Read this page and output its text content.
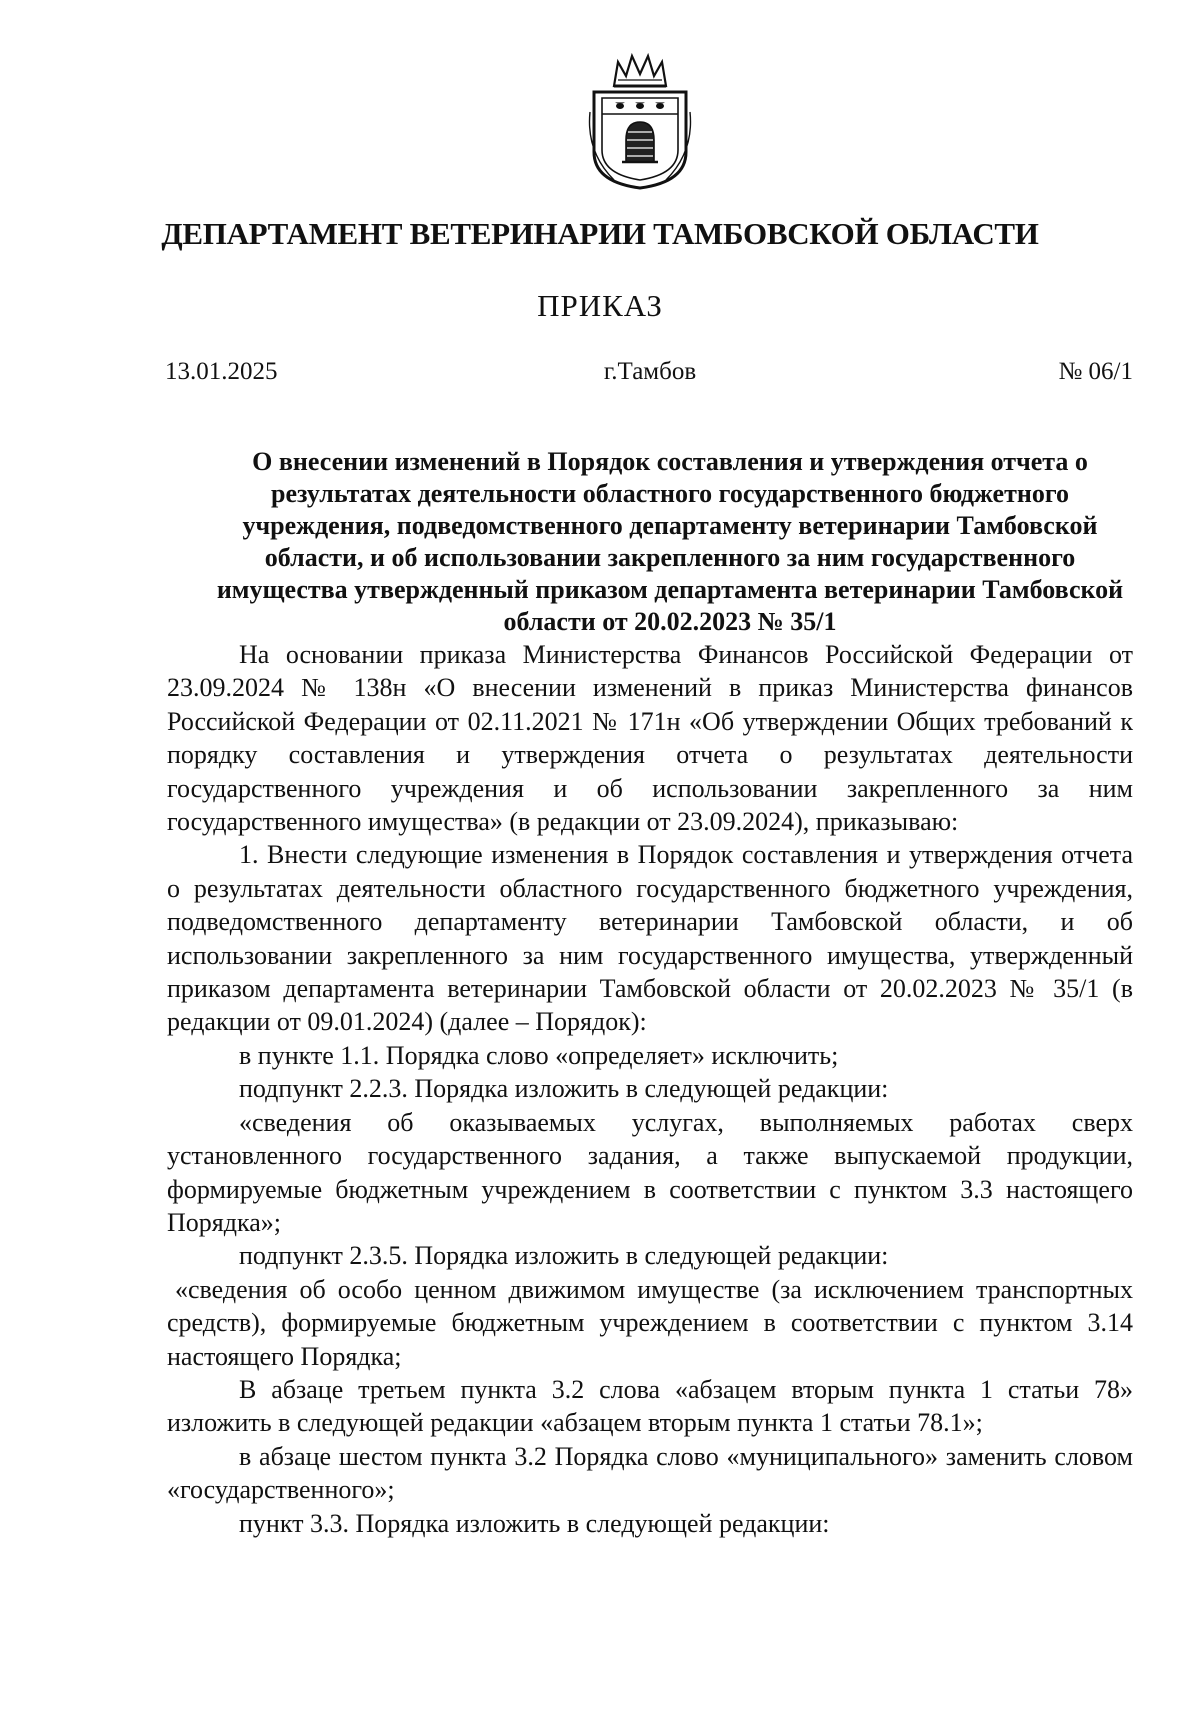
ДЕПАРТАМЕНТ ВЕТЕРИНАРИИ ТАМБОВСКОЙ ОБЛАСТИ
ПРИКАЗ
13.01.2025	г.Тамбов	№ 06/1
О внесении изменений в Порядок составления и утверждения отчета о результатах деятельности областного государственного бюджетного учреждения, подведомственного департаменту ветеринарии Тамбовской области, и об использовании закрепленного за ним государственного имущества утвержденный приказом департамента ветеринарии Тамбовской области от 20.02.2023 № 35/1

На основании приказа Министерства Финансов Российской Федерации от 23.09.2024 № 138н «О внесении изменений в приказ Министерства финансов Российской Федерации от 02.11.2021 № 171н «Об утверждении Общих требований к порядку составления и утверждения отчета о результатах деятельности государственного учреждения и об использовании закрепленного за ним государственного имущества» (в редакции от 23.09.2024), приказываю:

1. Внести следующие изменения в Порядок составления и утверждения отчета о результатах деятельности областного государственного бюджетного учреждения, подведомственного департаменту ветеринарии Тамбовской области, и об использовании закрепленного за ним государственного имущества, утвержденный приказом департамента ветеринарии Тамбовской области от 20.02.2023 № 35/1 (в редакции от 09.01.2024) (далее – Порядок):

в пункте 1.1. Порядка слово «определяет» исключить;

подпункт 2.2.3. Порядка изложить в следующей редакции:

«сведения об оказываемых услугах, выполняемых работах сверх установленного государственного задания, а также выпускаемой продукции, формируемые бюджетным учреждением в соответствии с пунктом 3.3 настоящего Порядка»;

подпункт 2.3.5. Порядка изложить в следующей редакции:

«сведения об особо ценном движимом имуществе (за исключением транспортных средств), формируемые бюджетным учреждением в соответствии с пунктом 3.14 настоящего Порядка;

В абзаце третьем пункта 3.2 слова «абзацем вторым пункта 1 статьи 78» изложить в следующей редакции «абзацем вторым пункта 1 статьи 78.1»;

в абзаце шестом пункта 3.2 Порядка слово «муниципального» заменить словом «государственного»;

пункт 3.3. Порядка изложить в следующей редакции:
